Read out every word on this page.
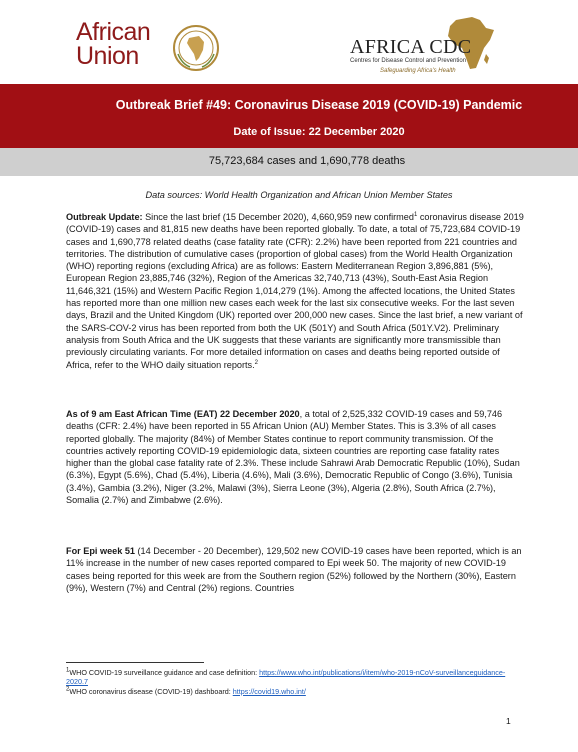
African
Union	AFRICA CDC
Centres for Disease Control and Prevention
Safeguarding Africa's Health
Outbreak Brief #49: Coronavirus Disease 2019 (COVID-19) Pandemic
Date of Issue: 22 December 2020
75,723,684 cases and 1,690,778 deaths
Data sources: World Health Organization and African Union Member States
Outbreak Update: Since the last brief (15 December 2020), 4,660,959 new confirmed$^1$ coronavirus disease 2019 (COVID-19) cases and 81,815 new deaths have been reported globally. To date, a total of 75,723,684 COVID-19 cases and 1,690,778 related deaths (case fatality rate (CFR): 2.2%) have been reported from 221 countries and territories. The distribution of cumulative cases (proportion of global cases) from the World Health Organization (WHO) reporting regions (excluding Africa) are as follows: Eastern Mediterranean Region 3,896,881 (5%), European Region 23,885,746 (32%), Region of the Americas 32,740,713 (43%), South-East Asia Region 11,646,321 (15%) and Western Pacific Region 1,014,279 (1%). Among the affected locations, the United States has reported more than one million new cases each week for the last six consecutive weeks. For the last seven days, Brazil and the United Kingdom (UK) reported over 200,000 new cases. Since the last brief, a new variant of the SARS-COV-2 virus has been reported from both the UK (501Y) and South Africa (501Y.V2). Preliminary analysis from South Africa and the UK suggests that these variants are significantly more transmissible than previously circulating variants. For more detailed information on cases and deaths being reported outside of Africa, refer to the WHO daily situation reports.$^2$
As of 9 am East African Time (EAT) 22 December 2020, a total of 2,525,332 COVID-19 cases and 59,746 deaths (CFR: 2.4%) have been reported in 55 African Union (AU) Member States. This is 3.3% of all cases reported globally. The majority (84%) of Member States continue to report community transmission. Of the countries actively reporting COVID-19 epidemiologic data, sixteen countries are reporting case fatality rates higher than the global case fatality rate of 2.3%. These include Sahrawi Arab Democratic Republic (10%), Sudan (6.3%), Egypt (5.6%), Chad (5.4%), Liberia (4.6%), Mali (3.6%), Democratic Republic of Congo (3.6%), Tunisia (3.4%), Gambia (3.2%), Niger (3.2%, Malawi (3%), Sierra Leone (3%), Algeria (2.8%), South Africa (2.7%), Somalia (2.7%) and Zimbabwe (2.6%).
For Epi week 51 (14 December - 20 December), 129,502 new COVID-19 cases have been reported, which is an 11% increase in the number of new cases reported compared to Epi week 50. The majority of new COVID-19 cases being reported for this week are from the Southern region (52%) followed by the Northern (30%), Eastern (9%), Western (7%) and Central (2%) regions. Countries
$^1$WHO COVID-19 surveillance guidance and case definition: https://www.who.int/publications/i/item/who-2019-nCoV-surveillanceguidance-2020.7
$^2$WHO coronavirus disease (COVID-19) dashboard: https://covid19.who.int/
1
